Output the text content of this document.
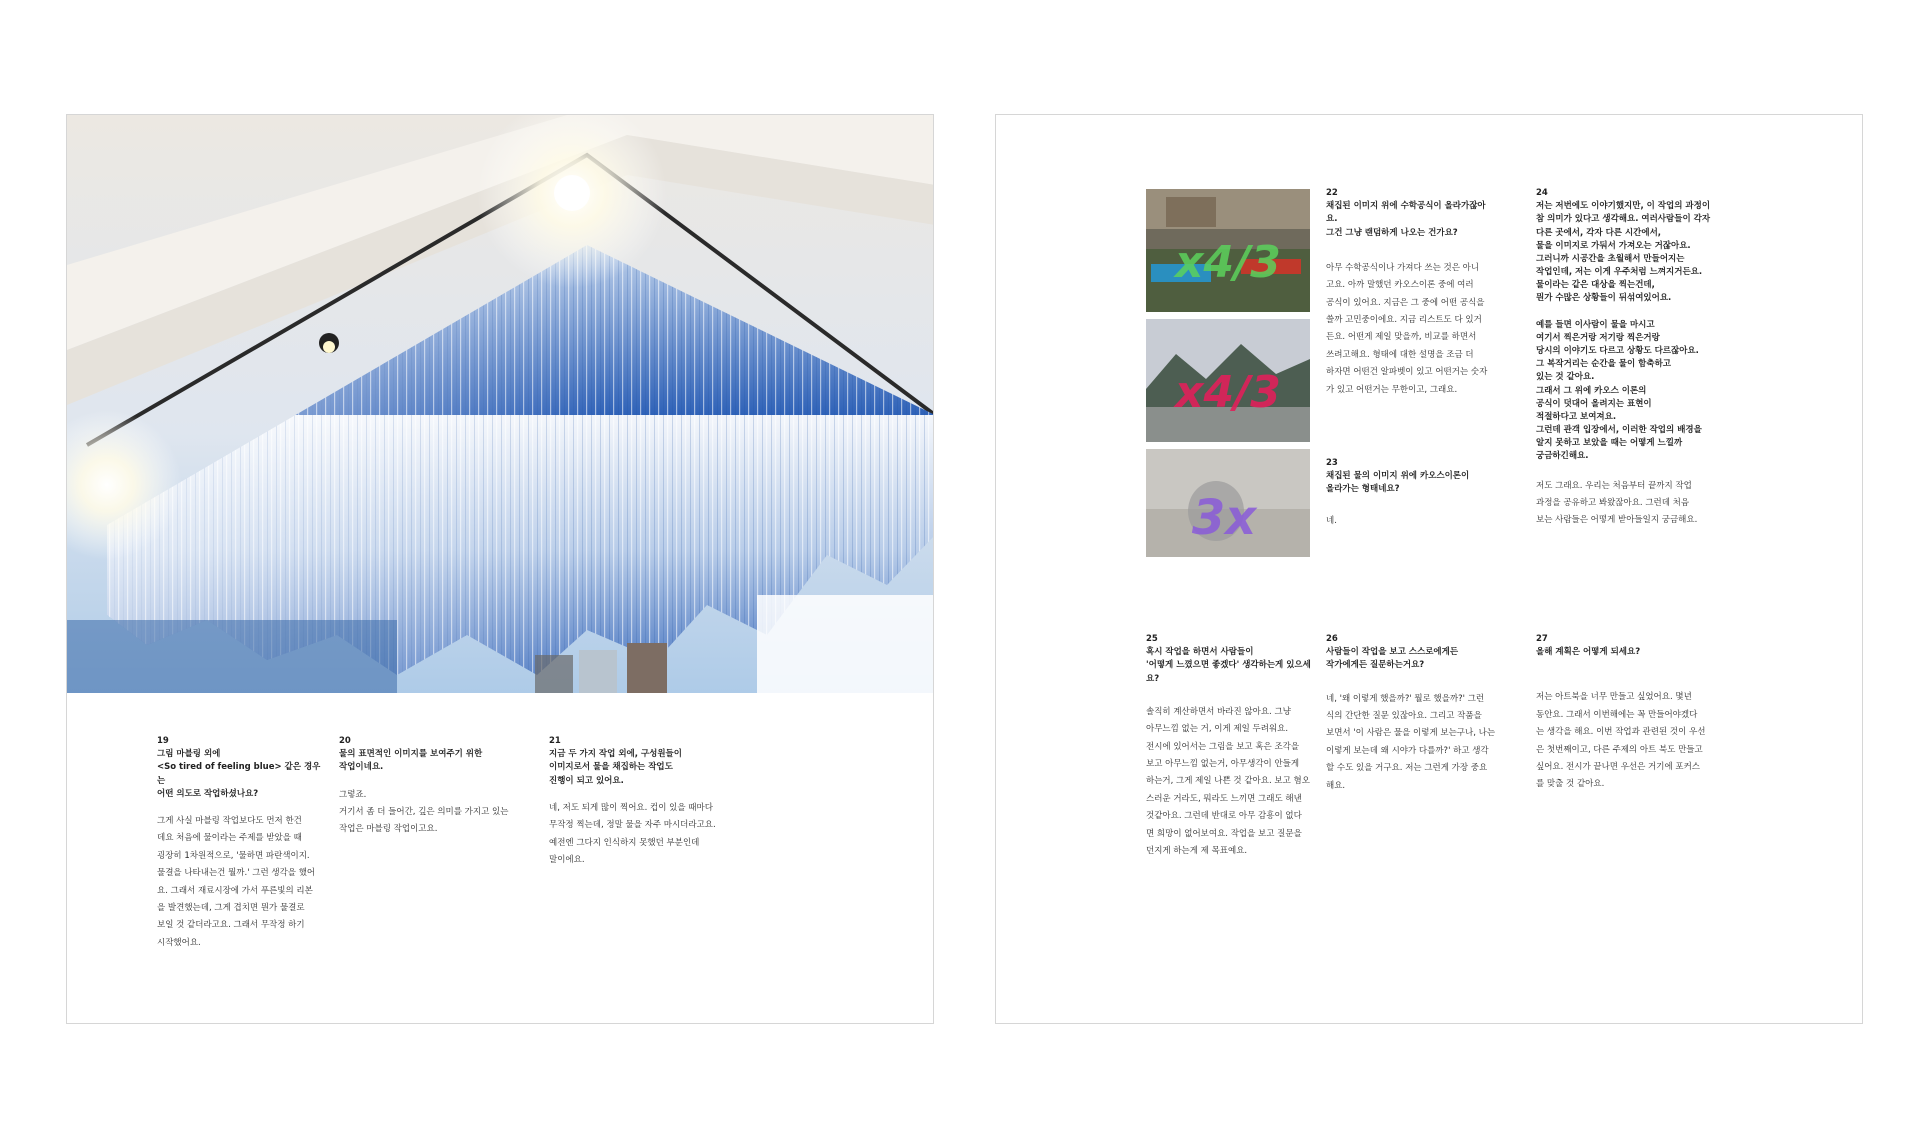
19
그림 마블링 외에
<So tired of feeling blue> 같은 경우는
어떤 의도로 작업하셨나요?
그게 사실 마블링 작업보다도 먼저 한건
데요 처음에 물이라는 주제를 받았을 때
굉장히 1차원적으로, '물하면 파란색이지.
물결을 나타내는건 뭘까.' 그런 생각을 했어
요. 그래서 재료시장에 가서 푸른빛의 리본
을 발견했는데, 그게 겹치면 뭔가 물결로
보일 것 같더라고요. 그래서 무작정 하기
시작했어요.
20
물의 표면적인 이미지를 보여주기 위한
작업이네요.
그렇죠.
거기서 좀 더 들어간, 깊은 의미를 가지고 있는
작업은 마블링 작업이고요.
21
지금 두 가지 작업 외에, 구성원들이
이미지로서 물을 채집하는 작업도
진행이 되고 있어요.
네, 저도 되게 많이 찍어요. 컵이 있을 때마다
무작정 찍는데, 정말 물을 자주 마시더라고요.
예전엔 그다지 인식하지 못했던 부분인데
말이에요.
x4/3
x4/3
3x
22
채집된 이미지 위에 수학공식이 올라가잖아요.
그건 그냥 랜덤하게 나오는 건가요?
아무 수학공식이나 가져다 쓰는 것은 아니
고요. 아까 말했던 카오스이론 중에 여러
공식이 있어요. 지금은 그 중에 어떤 공식을
쓸까 고민중이에요. 지금 리스트도 다 있거
든요. 어떤게 제일 맞을까, 비교를 하면서
쓰려고해요. 형태에 대한 설명을 조금 더
하자면 어떤건 알파벳이 있고 어떤거는 숫자
가 있고 어떤거는 무한이고, 그래요.
23
채집된 물의 이미지 위에 카오스이론이
올라가는 형태네요?
네.
24
저는 저번에도 이야기했지만, 이 작업의 과정이
참 의미가 있다고 생각해요. 여러사람들이 각자
다른 곳에서, 각자 다른 시간에서,
물을 이미지로 가둬서 가져오는 거잖아요.
그러니까 시공간을 초월해서 만들어지는
작업인데, 저는 이게 우주처럼 느껴지거든요.
물이라는 같은 대상을 찍는건데,
뭔가 수많은 상황들이 뒤섞여있어요.

예를 들면 이사람이 물을 마시고
여기서 찍은거랑 저기랑 찍은거랑
당시의 이야기도 다르고 상황도 다르잖아요.
그 복작거리는 순간을 물이 함축하고
있는 것 같아요.
그래서 그 위에 카오스 이론의
공식이 덧대어 올려지는 표현이
적절하다고 보여져요.
그런데 관객 입장에서, 이러한 작업의 배경을
알지 못하고 보았을 때는 어떻게 느낄까
궁금하긴해요.
저도 그래요. 우리는 처음부터 끝까지 작업
과정을 공유하고 봐왔잖아요. 그런데 처음
보는 사람들은 어떻게 받아들일지 궁금해요.
25
혹시 작업을 하면서 사람들이
'어떻게 느꼈으면 좋겠다' 생각하는게 있으세요?
솔직히 계산하면서 바라진 않아요. 그냥
아무느낌 없는 거, 이게 제일 두려워요.
전시에 있어서는 그림을 보고 혹은 조각을
보고 아무느낌 없는거, 아무생각이 안들게
하는거, 그게 제일 나쁜 것 같아요. 보고 혐오
스러운 거라도, 뭐라도 느끼면 그래도 해낸
것같아요. 그런데 반대로 아무 감흥이 없다
면 희망이 없어보여요. 작업을 보고 질문을
던지게 하는게 제 목표예요.
26
사람들이 작업을 보고 스스로에게든
작가에게든 질문하는거요?
네, '왜 이렇게 했을까?' 뭘로 했을까?' 그런
식의 간단한 질문 있잖아요. 그리고 작품을
보면서 '이 사람은 물을 이렇게 보는구나, 나는
이렇게 보는데 왜 시야가 다를까?' 하고 생각
할 수도 있을 거구요. 저는 그런게 가장 중요
해요.
27
올해 계획은 어떻게 되세요?
저는 아트북을 너무 만들고 싶었어요. 몇년
동안요. 그래서 이번해에는 꼭 만들어야겠다
는 생각을 해요. 이번 작업과 관련된 것이 우선
은 첫번째이고, 다른 주제의 아트 북도 만들고
싶어요. 전시가 끝나면 우선은 거기에 포커스
를 맞출 것 같아요.
